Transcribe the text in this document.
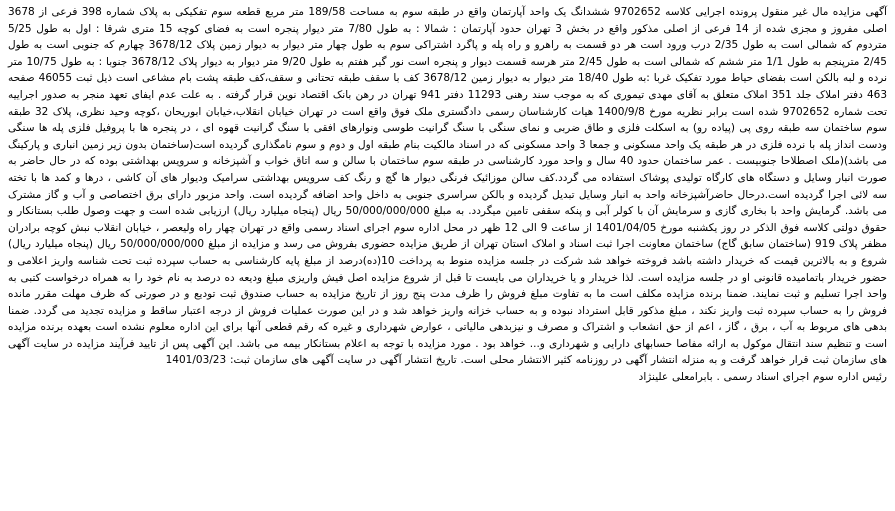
آگهی مزایده مال غیر منقول پرونده اجرایی کلاسه 9702652 ششدانگ یک واحد آپارتمان واقع در طبقه سوم به مساحت 189/58 متر مربع قطعه سوم تفکیکی به پلاک شماره 398 فرعی از 3678 اصلی مفروز و مجزی شده از 14 فرعی از اصلی مذکور واقع در بخش 3 تهران حدود آپارتمان : شمالا : به طول 7/80 متر دیوار پنجره است به فضای کوچه 15 متری شرقا : اول به طول 5/25 متردوم که شمالی است به طول 2/35 درب ورود است هر دو قسمت به راهرو و راه پله و پاگرد اشتراکی سوم به طول چهار متر دیوار به دیوار زمین پلاک 3678/12 چهارم که جنوبی است به طول 2/45 مترپنجم به طول 1/1 متر ششم که شمالی است به طول 2/45 متر هرسه قسمت دیوار و پنجره است نور گیر هفتم به طول 9/20 متر دیوار به دیوار پلاک 3678/12 جنوبا : به طول 10/75 متر نرده و لبه بالکن است بفضای حیاط مورد تفکیک غربا :به طول 18/40 متر دیوار به دیوار زمین 3678/12 کف با سقف طبقه تحتانی و سقف،کف طبقه پشت بام مشاعی است ذیل ثبت 46055 صفحه 463 دفتر املاک جلد 351 املاک متعلق به آقای مهدی تیموری که به موجب سند رهنی 11293 دفتر 941 تهران در رهن بانک اقتصاد نوین قرار گرفته . به علت عدم ایفای تعهد منجر به صدور اجراییه تحت شماره 9702652 شده است برابر نظریه مورخ 1400/9/8 هیات کارشناسان رسمی دادگستری ملک فوق واقع است در تهران خیابان انقلاب،خیابان ابوریحان ،کوچه وحید نظری، پلاک 32 طبقه سوم ساختمان سه طبقه روی پی (پیاده رو) به اسکلت فلزی و طاق ضربی و نمای سنگی با سنگ گرانیت طوسی ونوارهای افقی با سنگ گرانیت قهوه ای ، در پنجره ها با پروفیل فلزی پله ها سنگی ودست انداز پله با نرده فلزی در هر طبقه یک واحد مسکونی و جمعا 3 واحد مسکونی که در اسناد مالکیت بنام طبقه اول و دوم و سوم نامگذاری گردیده است(ساختمان بدون زیر زمین انباری و پارکینگ می باشد)(ملک اصطلاحا جنوبیست . عمر ساختمان حدود 40 سال و واحد مورد کارشناسی در طبقه سوم ساختمان با سالن و سه اتاق خواب و آشپزخانه و سرویس بهداشتی بوده که در حال حاضر به صورت انبار وسایل و دستگاه های کارگاه تولیدی پوشاک استفاده می گردد.کف سالن موزائیک فرنگی دیوار ها گچ و رنگ کف سرویس بهداشتی سرامیک ودیوار های آن کاشی ، درها و کمد ها با تخته سه لائی اجرا گردیده است.درحال حاضرآشپزخانه واحد به انبار وسایل تبدیل گردیده و بالکن سراسری جنوبی به داخل واحد اضافه گردیده است. واحد مزبور دارای برق اختصاصی و آب و گاز مشترک می باشد. گرمایش واحد با بخاری گازی و سرمایش آن با کولر آبی و پنکه سقفی تامین میگردد. به مبلغ 50/000/000/000 ریال (پنجاه میلیارد ریال) ارزیابی شده است و جهت وصول طلب بستانکار و حقوق دولتی کلاسه فوق الذکر در روز یکشنبه مورخ 1401/04/05 از ساعت 9 الی 12 ظهر در محل اداره سوم اجرای اسناد رسمی واقع در تهران چهار راه ولیعصر ، خیابان انقلاب نبش کوچه برادران مظفر پلاک 919 (ساختمان سابق گاج) ساختمان معاونت اجرا ثبت اسناد و املاک استان تهران از طریق مزایده حضوری بفروش می رسد و مزایده از مبلغ 50/000/000/000 ریال (پنجاه میلیارد ریال) شروع و به بالاترین قیمت که خریدار داشته باشد فروخته خواهد شد شرکت در جلسه مزایده منوط به پرداخت 10(ده)درصد از مبلغ پایه کارشناسی به حساب سپرده ثبت تحت شناسه واریز اعلامی و حضور خریدار باتمامیده قانونی او در جلسه مزایده است. لذا خریدار و یا خریداران می بایست تا قبل از شروع مزایده اصل فیش واریزی مبلغ ودیعه ده درصد به نام خود را به همراه درخواست کتبی به واحد اجرا تسلیم و ثبت نمایند. ضمنا برنده مزایده مکلف است ما به تفاوت مبلغ فروش را ظرف مدت پنج روز از تاریخ مزایده به حساب صندوق ثبت تودیع و در صورتی که ظرف مهلت مقرر مانده فروش را به حساب سپرده ثبت واریز نکند ، مبلغ مذکور قابل استرداد نبوده و به حساب خزانه واریز خواهد شد و در این صورت عملیات فروش از درجه اعتبار ساقط و مزایده تجدید می گردد. ضمنا بدهی های مربوط به آب ، برق ، گاز ، اعم از حق انشعاب و اشتراک و مصرف و نیزبدهی مالیاتی ، عوارض شهرداری و غیره که رقم قطعی آنها برای این اداره معلوم نشده است بعهده برنده مزایده است و تنظیم سند انتقال موکول به ارائه مفاصا حسابهای دارایی و شهرداری و... خواهد بود . مورد مزایده با توجه به اعلام بستانکار بیمه می باشد. این آگهی پس از تایید فرآیند مزایده در سایت آگهی های سازمان ثبت قرار خواهد گرفت و به منزله انتشار آگهی در روزنامه کثیر الانتشار محلی است. تاریخ انتشار آگهی در سایت آگهی های سازمان ثبت: 1401/03/23

رئیس اداره سوم اجرای اسناد رسمی . بابرامعلی علینژاد
